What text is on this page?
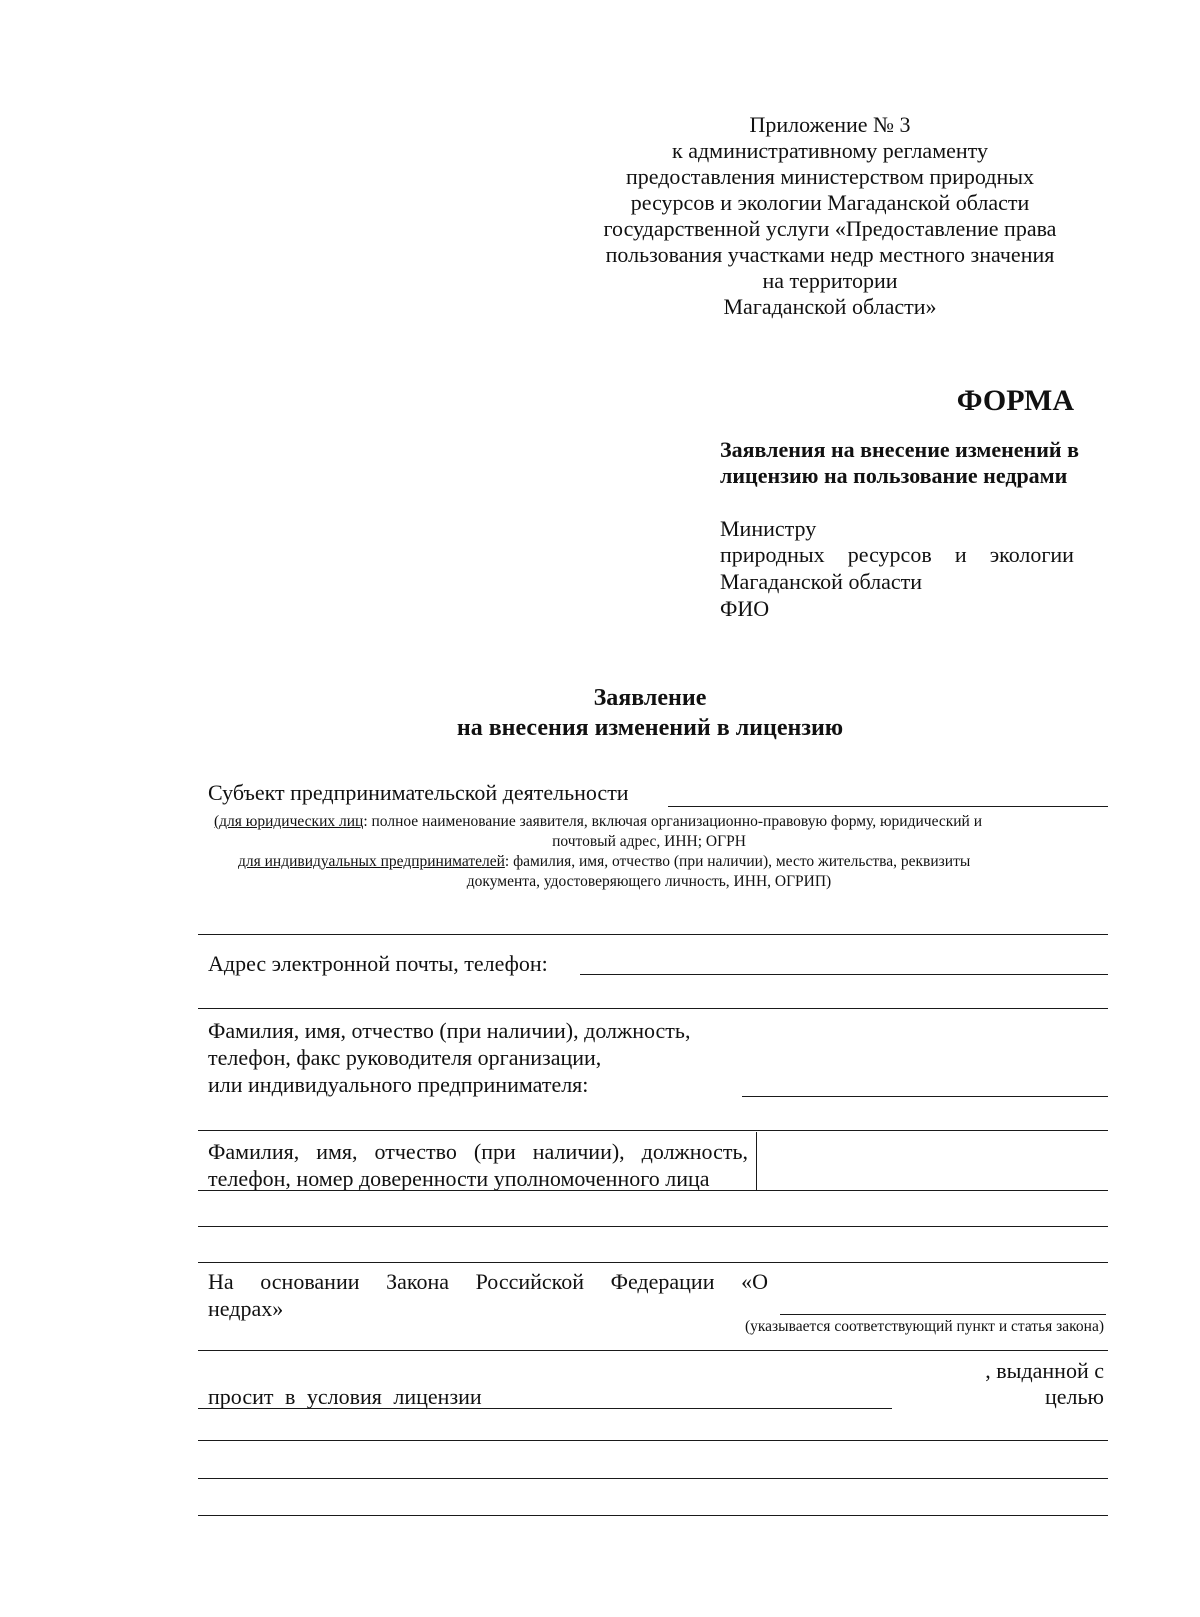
Приложение № 3
к административному регламенту
предоставления министерством природных
ресурсов и экологии Магаданской области
государственной услуги «Предоставление права
пользования участками недр местного значения
на территории
Магаданской области»
ФОРМА
Заявления на внесение изменений в
лицензию на пользование недрами
Министру
природных ресурсов и экологии
Магаданской области
ФИО
Заявление
на внесения изменений в лицензию
Субъект предпринимательской деятельности
(для юридических лиц: полное наименование заявителя, включая организационно-правовую форму, юридический и
почтовый адрес, ИНН; ОГРН
для индивидуальных предпринимателей: фамилия, имя, отчество (при наличии), место жительства, реквизиты
документа, удостоверяющего личность, ИНН, ОГРИП)
Адрес электронной почты, телефон:
Фамилия, имя, отчество (при наличии), должность,
телефон, факс руководителя организации,
или индивидуального предпринимателя:
Фамилия, имя, отчество (при наличии), должность,
телефон, номер доверенности уполномоченного лица
На основании Закона Российской Федерации «О
недрах»
(указывается соответствующий пункт и статья закона)
, выданной с
просит в условия лицензии	целью
